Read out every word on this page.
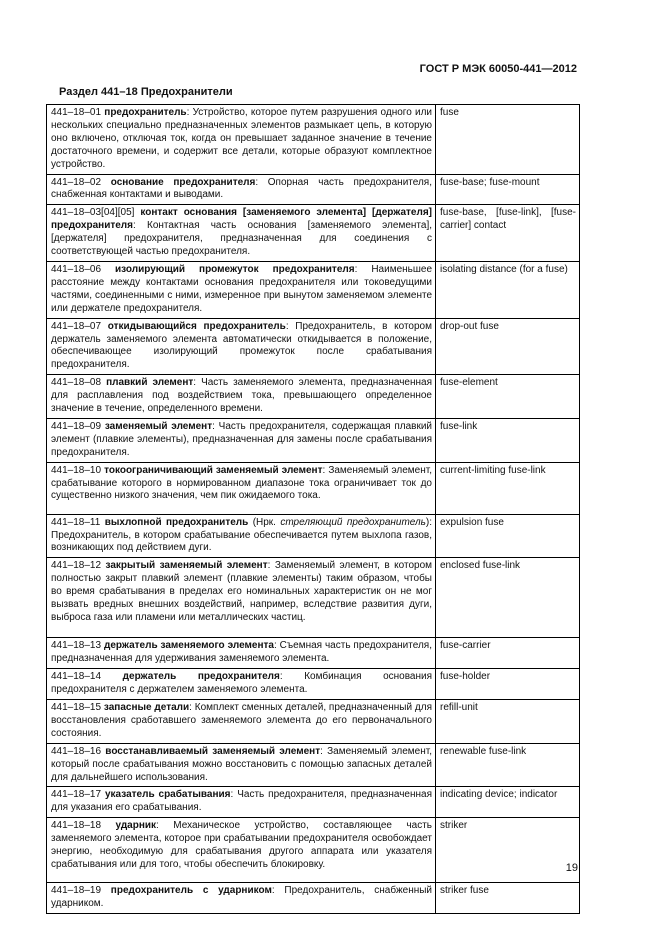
ГОСТ Р МЭК 60050-441—2012
Раздел 441–18 Предохранители
441–18–01 предохранитель: Устройство, которое путем разрушения одного или нескольких специально предназначенных элементов размыкает цепь, в которую оно включено, отключая ток, когда он превышает заданное значение в течение достаточного времени, и содержит все детали, которые образуют комплектное устройство.	fuse
441–18–02 основание предохранителя: Опорная часть предохранителя, снабженная контактами и выводами.	fuse-base; fuse-mount
441–18–03[04][05] контакт основания [заменяемого элемента] [держателя] предохранителя: Контактная часть основания [заменяемого элемента], [держателя] предохранителя, предназначенная для соединения с соответствующей частью предохранителя.	fuse-base, [fuse-link], [fuse-carrier] contact
441–18–06 изолирующий промежуток предохранителя: Наименьшее расстояние между контактами основания предохранителя или токоведущими частями, соединенными с ними, измеренное при вынутом заменяемом элементе или держателе предохранителя.	isolating distance (for a fuse)
441–18–07 откидывающийся предохранитель: Предохранитель, в котором держатель заменяемого элемента автоматически откидывается в положение, обеспечивающее изолирующий промежуток после срабатывания предохранителя.	drop-out fuse
441–18–08 плавкий элемент: Часть заменяемого элемента, предназначенная для расплавления под воздействием тока, превышающего определенное значение в течение, определенного времени.	fuse-element
441–18–09 заменяемый элемент: Часть предохранителя, содержащая плавкий элемент (плавкие элементы), предназначенная для замены после срабатывания предохранителя.	fuse-link
441–18–10 токоограничивающий заменяемый элемент: Заменяемый элемент, срабатывание которого в нормированном диапазоне тока ограничивает ток до существенно низкого значения, чем пик ожидаемого тока.	current-limiting fuse-link
441–18–11 выхлопной предохранитель (Нрк. стреляющий предохранитель): Предохранитель, в котором срабатывание обеспечивается путем выхлопа газов, возникающих под действием дуги.	expulsion fuse
441–18–12 закрытый заменяемый элемент: Заменяемый элемент, в котором полностью закрыт плавкий элемент (плавкие элементы) таким образом, чтобы во время срабатывания в пределах его номинальных характеристик он не мог вызвать вредных внешних воздействий, например, вследствие развития дуги, выброса газа или пламени или металлических частиц.	enclosed fuse-link
441–18–13 держатель заменяемого элемента: Съемная часть предохранителя, предназначенная для удерживания заменяемого элемента.	fuse-carrier
441–18–14 держатель предохранителя: Комбинация основания предохранителя с держателем заменяемого элемента.	fuse-holder
441–18–15 запасные детали: Комплект сменных деталей, предназначенный для восстановления сработавшего заменяемого элемента до его первоначального состояния.	refill-unit
441–18–16 восстанавливаемый заменяемый элемент: Заменяемый элемент, который после срабатывания можно восстановить с помощью запасных деталей для дальнейшего использования.	renewable fuse-link
441–18–17 указатель срабатывания: Часть предохранителя, предназначенная для указания его срабатывания.	indicating device; indicator
441–18–18 ударник: Механическое устройство, составляющее часть заменяемого элемента, которое при срабатывании предохранителя освобождает энергию, необходимую для срабатывания другого аппарата или указателя срабатывания или для того, чтобы обеспечить блокировку.	striker
441–18–19 предохранитель с ударником: Предохранитель, снабженный ударником.	striker fuse
19
